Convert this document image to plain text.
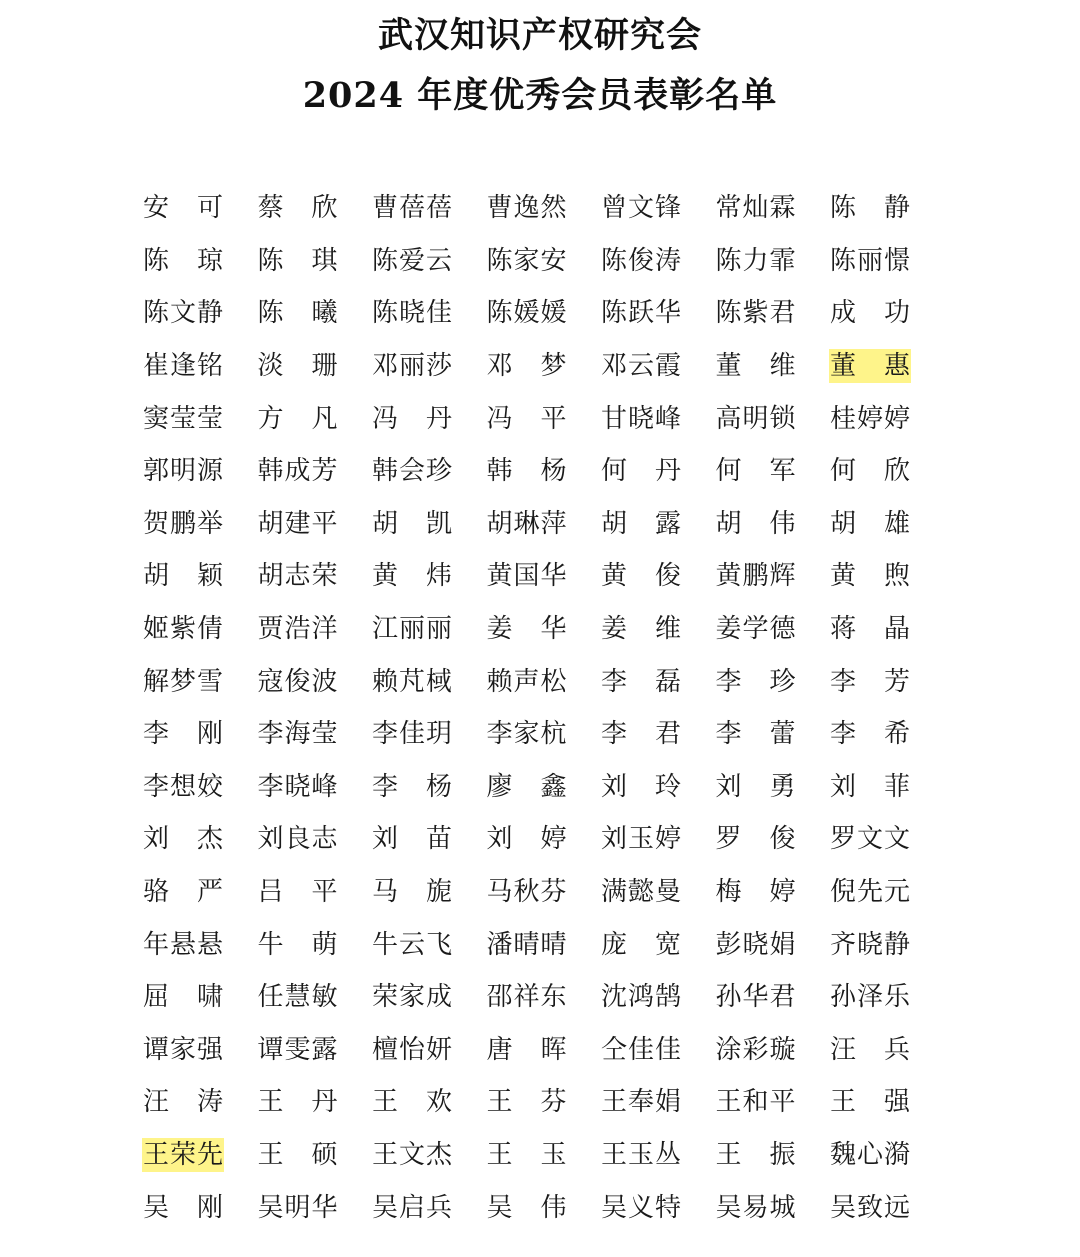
武汉知识产权研究会
2024 年度优秀会员表彰名单
安 可 蔡 欣 曹 蓓 蓓 曹 逸 然 曾 文 锋 常 灿 霖 陈 静
陈 琼 陈 琪 陈 爱 云 陈 家 安 陈 俊 涛 陈 力 霏 陈 丽 憬
陈 文 静 陈 曦 陈 晓 佳 陈 媛 媛 陈 跃 华 陈 紫 君 成 功
崔 逢 铭 淡 珊 邓 丽 莎 邓 梦 邓 云 霞 董 维 董 惠
窦 莹 莹 方 凡 冯 丹 冯 平 甘 晓 峰 高 明 锁 桂 婷 婷
郭 明 源 韩 成 芳 韩 会 珍 韩 杨 何 丹 何 军 何 欣
贺 鹏 举 胡 建 平 胡 凯 胡 琳 萍 胡 露 胡 伟 胡 雄
胡 颖 胡 志 荣 黄 炜 黄 国 华 黄 俊 黄 鹏 辉 黄 煦
姬 紫 倩 贾 浩 洋 江 丽 丽 姜 华 姜 维 姜 学 德 蒋 晶
解 梦 雪 寇 俊 波 赖 芃 棫 赖 声 松 李 磊 李 珍 李 芳
李 刚 李 海 莹 李 佳 玥 李 家 杭 李 君 李 蕾 李 希
李 想 姣 李 晓 峰 李 杨 廖 鑫 刘 玲 刘 勇 刘 菲
刘 杰 刘 良 志 刘 苗 刘 婷 刘 玉 婷 罗 俊 罗 文 文
骆 严 吕 平 马 旎 马 秋 芬 满 懿 曼 梅 婷 倪 先 元
年 悬 悬 牛 萌 牛 云 飞 潘 晴 晴 庞 宽 彭 晓 娟 齐 晓 静
屈 啸 任 慧 敏 荣 家 成 邵 祥 东 沈 鸿 鹄 孙 华 君 孙 泽 乐
谭 家 强 谭 雯 露 檀 怡 妍 唐 晖 仝 佳 佳 涂 彩 璇 汪 兵
汪 涛 王 丹 王 欢 王 芬 王 奉 娟 王 和 平 王 强
王 荣 先 王 硕 王 文 杰 王 玉 王 玉 丛 王 振 魏 心 漪
吴 刚 吴 明 华 吴 启 兵 吴 伟 吴 义 特 吴 易 城 吴 致 远
